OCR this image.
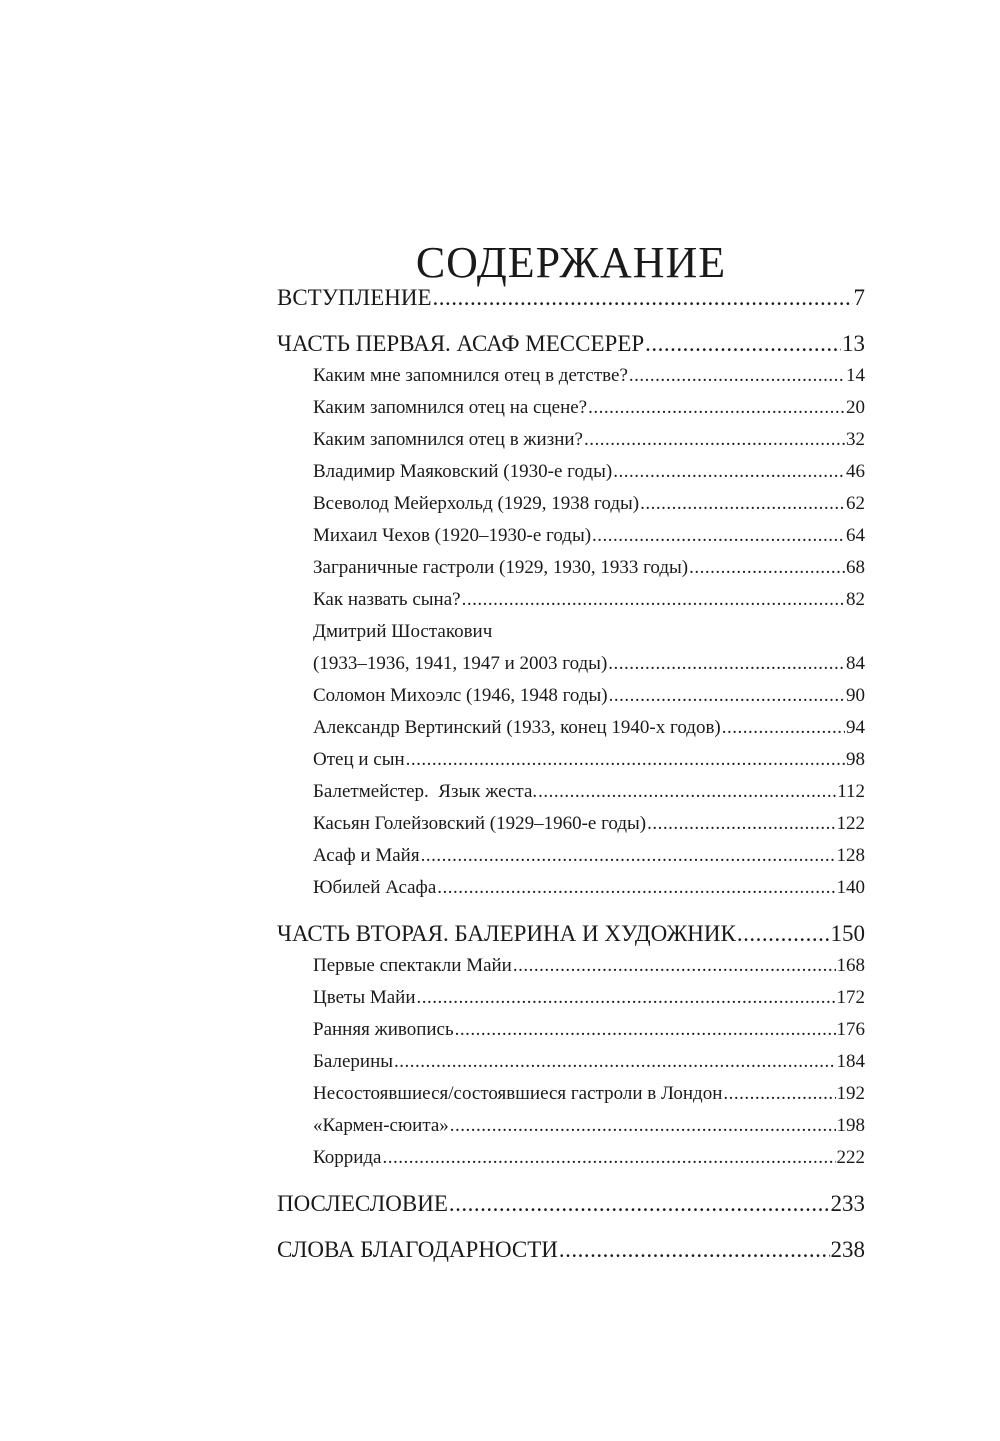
СОДЕРЖАНИЕ
ВСТУПЛЕНИЕ .....	7
ЧАСТЬ ПЕРВАЯ. АСАФ МЕССЕРЕР .....	13
Каким мне запомнился отец в детстве? .....	14
Каким запомнился отец на сцене? .....	20
Каким запомнился отец в жизни? .....	32
Владимир Маяковский (1930-е годы) .....	46
Всеволод Мейерхольд (1929, 1938 годы) .....	62
Михаил Чехов (1920–1930-е годы) .....	64
Заграничные гастроли (1929, 1930, 1933 годы) .....	68
Как назвать сына? .....	82
Дмитрий Шостакович
(1933–1936, 1941, 1947 и 2003 годы) .....	84
Соломон Михоэлс (1946, 1948 годы) .....	90
Александр Вертинский (1933, конец 1940-х годов) .....	94
Отец и сын .....	98
Балетмейстер.  Язык жеста. .....	112
Касьян Голейзовский (1929–1960-е годы) .....	122
Асаф и Майя .....	128
Юбилей Асафа .....	140
ЧАСТЬ ВТОРАЯ. БАЛЕРИНА И ХУДОЖНИК .....	150
Первые спектакли Майи .....	168
Цветы Майи .....	172
Ранняя живопись .....	176
Балерины .....	184
Несостоявшиеся/состоявшиеся гастроли в Лондон .....	192
«Кармен-сюита» .....	198
Коррида .....	222
ПОСЛЕСЛОВИЕ .....	233
СЛОВА БЛАГОДАРНОСТИ .....	238
